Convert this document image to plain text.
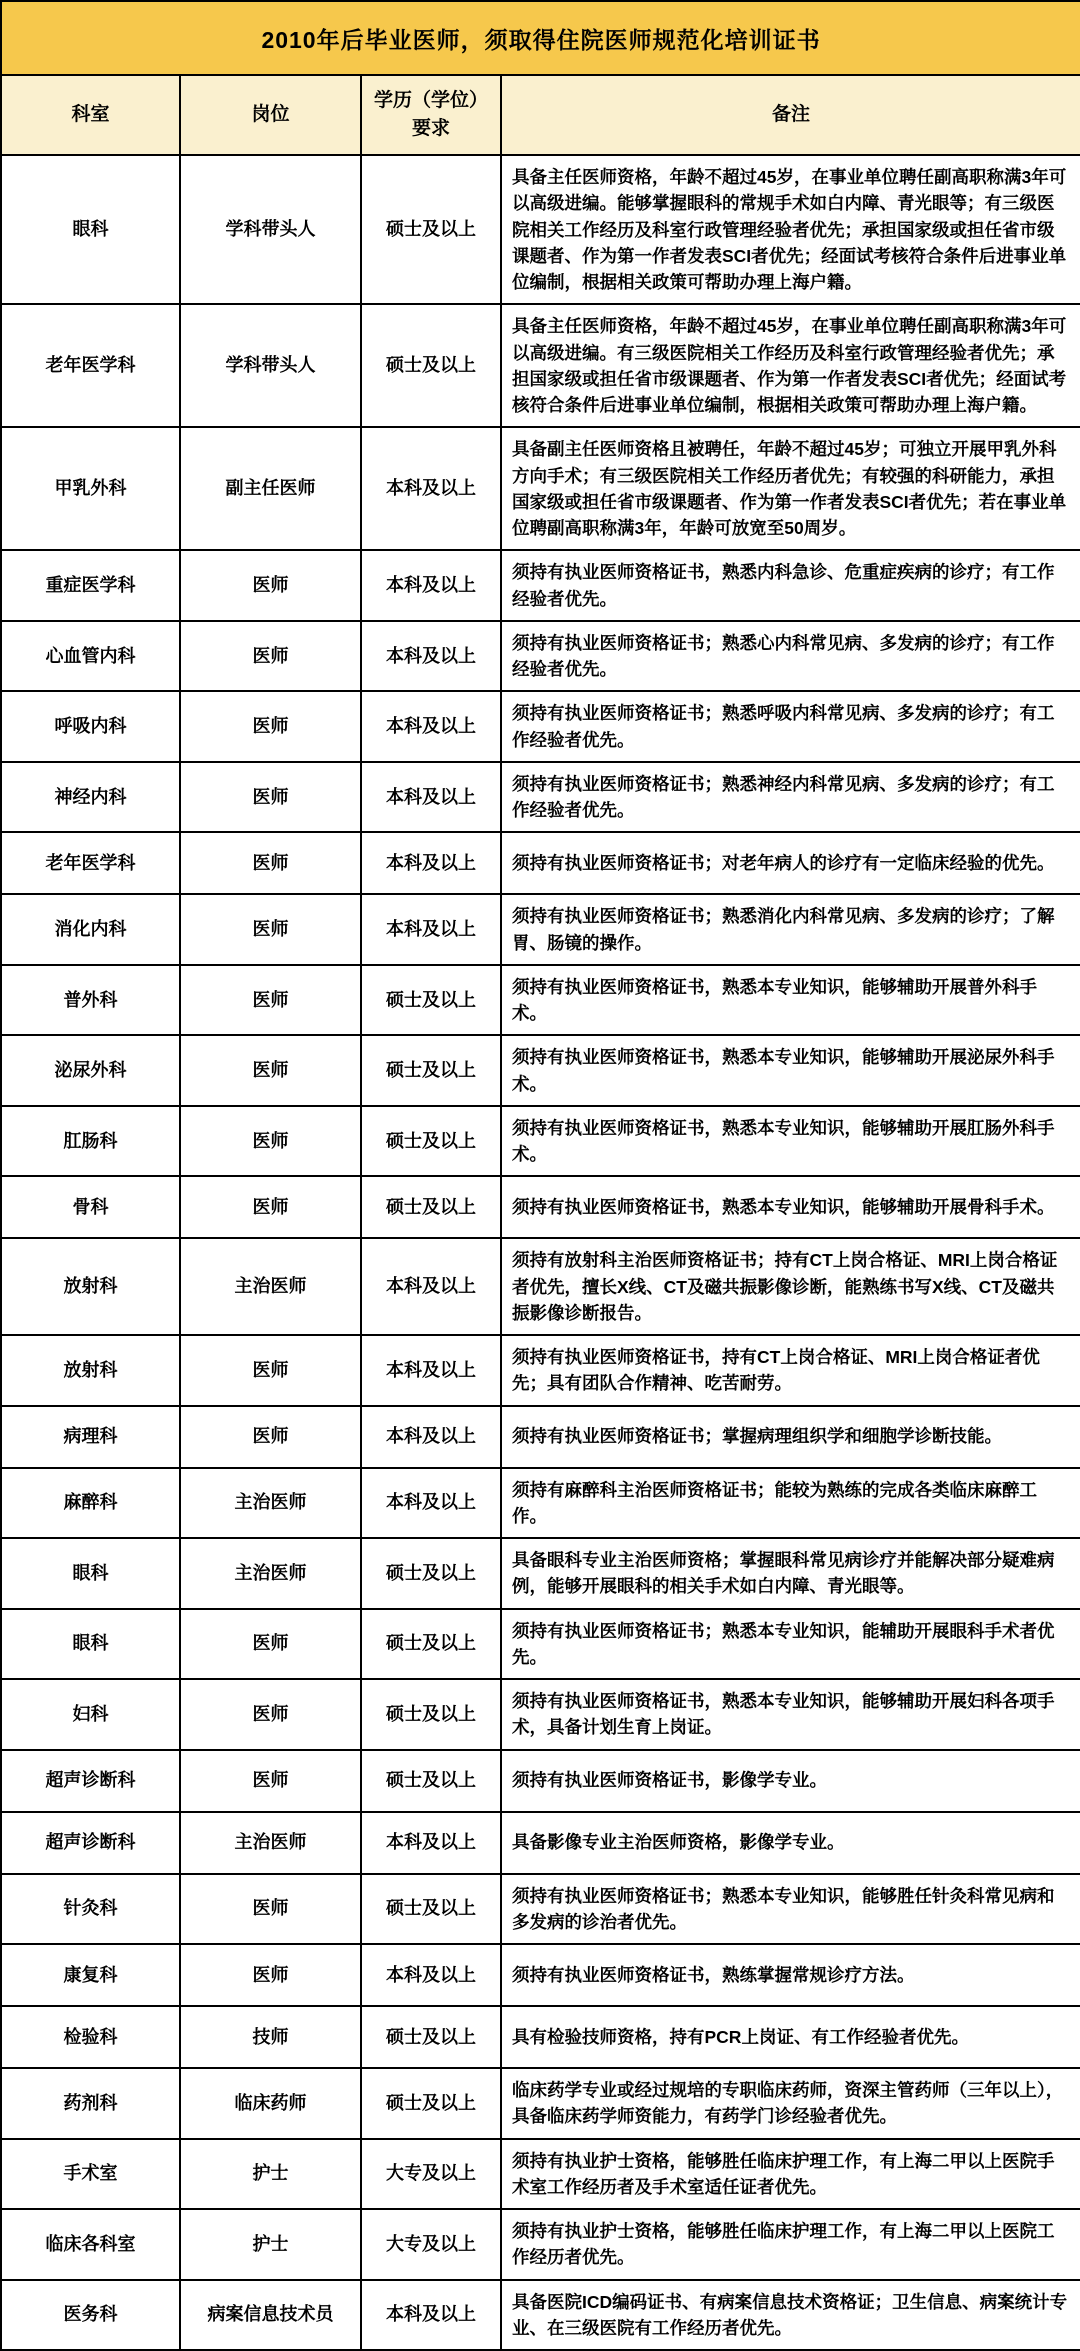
2010年后毕业医师，须取得住院医师规范化培训证书			
科室	岗位	学历（学位）要求	备注
眼科	学科带头人	硕士及以上	具备主任医师资格，年龄不超过45岁，在事业单位聘任副高职称满3年可以高级进编。能够掌握眼科的常规手术如白内障、青光眼等；有三级医院相关工作经历及科室行政管理经验者优先；承担国家级或担任省市级课题者、作为第一作者发表SCI者优先；经面试考核符合条件后进事业单位编制，根据相关政策可帮助办理上海户籍。
老年医学科	学科带头人	硕士及以上	具备主任医师资格，年龄不超过45岁，在事业单位聘任副高职称满3年可以高级进编。有三级医院相关工作经历及科室行政管理经验者优先；承担国家级或担任省市级课题者、作为第一作者发表SCI者优先；经面试考核符合条件后进事业单位编制，根据相关政策可帮助办理上海户籍。
甲乳外科	副主任医师	本科及以上	具备副主任医师资格且被聘任，年龄不超过45岁；可独立开展甲乳外科方向手术；有三级医院相关工作经历者优先；有较强的科研能力，承担国家级或担任省市级课题者、作为第一作者发表SCI者优先；若在事业单位聘副高职称满3年，年龄可放宽至50周岁。
重症医学科	医师	本科及以上	须持有执业医师资格证书，熟悉内科急诊、危重症疾病的诊疗；有工作经验者优先。
心血管内科	医师	本科及以上	须持有执业医师资格证书；熟悉心内科常见病、多发病的诊疗；有工作经验者优先。
呼吸内科	医师	本科及以上	须持有执业医师资格证书；熟悉呼吸内科常见病、多发病的诊疗；有工作经验者优先。
神经内科	医师	本科及以上	须持有执业医师资格证书；熟悉神经内科常见病、多发病的诊疗；有工作经验者优先。
老年医学科	医师	本科及以上	须持有执业医师资格证书；对老年病人的诊疗有一定临床经验的优先。
消化内科	医师	本科及以上	须持有执业医师资格证书；熟悉消化内科常见病、多发病的诊疗；了解胃、肠镜的操作。
普外科	医师	硕士及以上	须持有执业医师资格证书，熟悉本专业知识，能够辅助开展普外科手术。
泌尿外科	医师	硕士及以上	须持有执业医师资格证书，熟悉本专业知识，能够辅助开展泌尿外科手术。
肛肠科	医师	硕士及以上	须持有执业医师资格证书，熟悉本专业知识，能够辅助开展肛肠外科手术。
骨科	医师	硕士及以上	须持有执业医师资格证书，熟悉本专业知识，能够辅助开展骨科手术。
放射科	主治医师	本科及以上	须持有放射科主治医师资格证书；持有CT上岗合格证、MRI上岗合格证者优先，擅长X线、CT及磁共振影像诊断，能熟练书写X线、CT及磁共振影像诊断报告。
放射科	医师	本科及以上	须持有执业医师资格证书，持有CT上岗合格证、MRI上岗合格证者优先；具有团队合作精神、吃苦耐劳。
病理科	医师	本科及以上	须持有执业医师资格证书；掌握病理组织学和细胞学诊断技能。
麻醉科	主治医师	本科及以上	须持有麻醉科主治医师资格证书；能较为熟练的完成各类临床麻醉工作。
眼科	主治医师	硕士及以上	具备眼科专业主治医师资格；掌握眼科常见病诊疗并能解决部分疑难病例，能够开展眼科的相关手术如白内障、青光眼等。
眼科	医师	硕士及以上	须持有执业医师资格证书；熟悉本专业知识，能辅助开展眼科手术者优先。
妇科	医师	硕士及以上	须持有执业医师资格证书，熟悉本专业知识，能够辅助开展妇科各项手术，具备计划生育上岗证。
超声诊断科	医师	硕士及以上	须持有执业医师资格证书，影像学专业。
超声诊断科	主治医师	本科及以上	具备影像专业主治医师资格，影像学专业。
针灸科	医师	硕士及以上	须持有执业医师资格证书；熟悉本专业知识，能够胜任针灸科常见病和多发病的诊治者优先。
康复科	医师	本科及以上	须持有执业医师资格证书，熟练掌握常规诊疗方法。
检验科	技师	硕士及以上	具有检验技师资格，持有PCR上岗证、有工作经验者优先。
药剂科	临床药师	硕士及以上	临床药学专业或经过规培的专职临床药师，资深主管药师（三年以上），具备临床药学师资能力，有药学门诊经验者优先。
手术室	护士	大专及以上	须持有执业护士资格，能够胜任临床护理工作，有上海二甲以上医院手术室工作经历者及手术室适任证者优先。
临床各科室	护士	大专及以上	须持有执业护士资格，能够胜任临床护理工作，有上海二甲以上医院工作经历者优先。
医务科	病案信息技术员	本科及以上	具备医院ICD编码证书、有病案信息技术资格证；卫生信息、病案统计专业、在三级医院有工作经历者优先。
